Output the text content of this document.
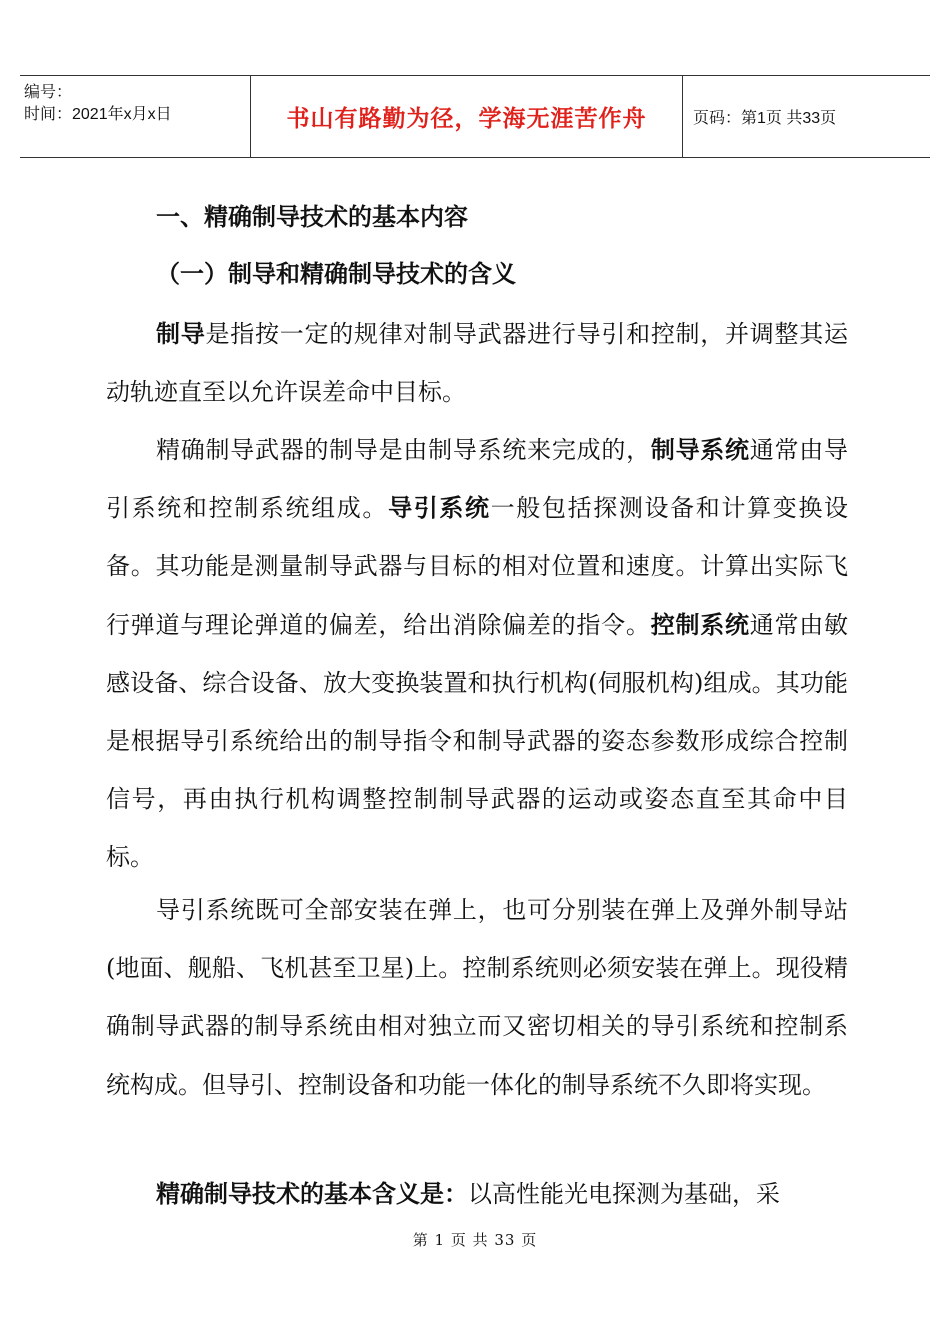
编号：
时间：2021年x月x日	书山有路勤为径，学海无涯苦作舟	页码：第1页 共33页
一、精确制导技术的基本内容
（一）制导和精确制导技术的含义
制导是指按一定的规律对制导武器进行导引和控制，并调整其运动轨迹直至以允许误差命中目标。
精确制导武器的制导是由制导系统来完成的，制导系统通常由导引系统和控制系统组成。导引系统一般包括探测设备和计算变换设备。其功能是测量制导武器与目标的相对位置和速度。计算出实际飞行弹道与理论弹道的偏差，给出消除偏差的指令。控制系统通常由敏感设备、综合设备、放大变换装置和执行机构(伺服机构)组成。其功能是根据导引系统给出的制导指令和制导武器的姿态参数形成综合控制信号，再由执行机构调整控制制导武器的运动或姿态直至其命中目标。
导引系统既可全部安装在弹上，也可分别装在弹上及弹外制导站(地面、舰船、飞机甚至卫星)上。控制系统则必须安装在弹上。现役精确制导武器的制导系统由相对独立而又密切相关的导引系统和控制系统构成。但导引、控制设备和功能一体化的制导系统不久即将实现。
精确制导技术的基本含义是：以高性能光电探测为基础，采
第 1 页 共 33 页
